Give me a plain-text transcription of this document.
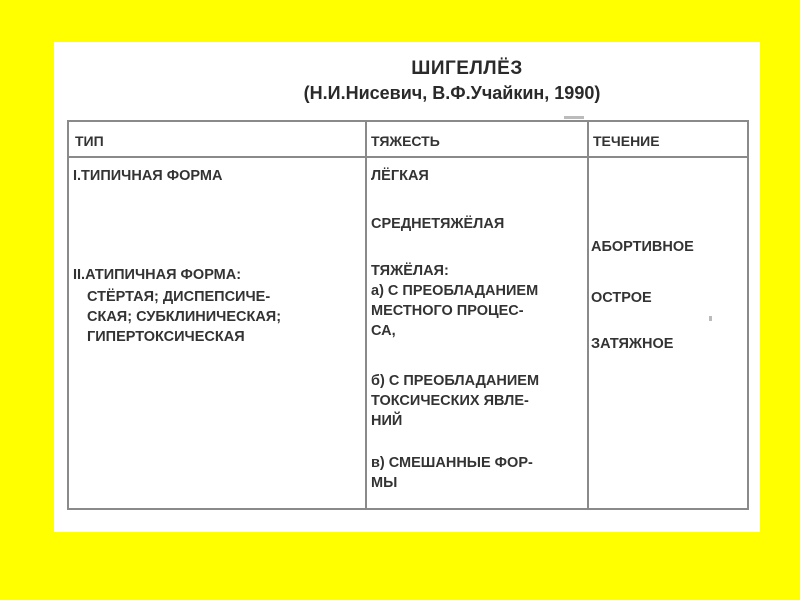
ШИГЕЛЛЁЗ
(Н.И.Нисевич, В.Ф.Учайкин, 1990)
ТИП	ТЯЖЕСТЬ	ТЕЧЕНИЕ
I.ТИПИЧНАЯ ФОРМА
II.АТИПИЧНАЯ ФОРМА:
СТЁРТАЯ; ДИСПЕПСИЧЕ-
СКАЯ; СУБКЛИНИЧЕСКАЯ;
ГИПЕРТОКСИЧЕСКАЯ
ЛЁГКАЯ
СРЕДНЕТЯЖЁЛАЯ
ТЯЖЁЛАЯ:
а) С ПРЕОБЛАДАНИЕМ
МЕСТНОГО ПРОЦЕС-
СА,
б) С ПРЕОБЛАДАНИЕМ
ТОКСИЧЕСКИХ ЯВЛЕ-
НИЙ
в) СМЕШАННЫЕ ФОР-
МЫ
АБОРТИВНОЕ
ОСТРОЕ
ЗАТЯЖНОЕ
